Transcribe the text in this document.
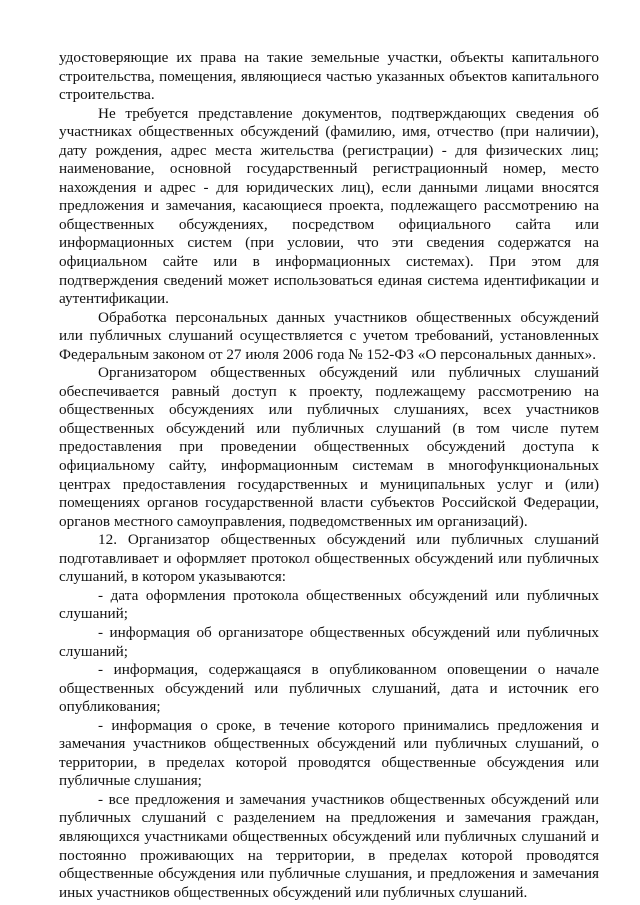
удостоверяющие их права на такие земельные участки, объекты капитального строительства, помещения, являющиеся частью указанных объектов капитального строительства.

Не требуется представление документов, подтверждающих сведения об участниках общественных обсуждений (фамилию, имя, отчество (при наличии), дату рождения, адрес места жительства (регистрации) - для физических лиц; наименование, основной государственный регистрационный номер, место нахождения и адрес - для юридических лиц), если данными лицами вносятся предложения и замечания, касающиеся проекта, подлежащего рассмотрению на общественных обсуждениях, посредством официального сайта или информационных систем (при условии, что эти сведения содержатся на официальном сайте или в информационных системах). При этом для подтверждения сведений может использоваться единая система идентификации и аутентификации.

Обработка персональных данных участников общественных обсуждений или публичных слушаний осуществляется с учетом требований, установленных Федеральным законом от 27 июля 2006 года № 152-ФЗ «О персональных данных».

Организатором общественных обсуждений или публичных слушаний обеспечивается равный доступ к проекту, подлежащему рассмотрению на общественных обсуждениях или публичных слушаниях, всех участников общественных обсуждений или публичных слушаний (в том числе путем предоставления при проведении общественных обсуждений доступа к официальному сайту, информационным системам в многофункциональных центрах предоставления государственных и муниципальных услуг и (или) помещениях органов государственной власти субъектов Российской Федерации, органов местного самоуправления, подведомственных им организаций).

12. Организатор общественных обсуждений или публичных слушаний подготавливает и оформляет протокол общественных обсуждений или публичных слушаний, в котором указываются:

- дата оформления протокола общественных обсуждений или публичных слушаний;

- информация об организаторе общественных обсуждений или публичных слушаний;

- информация, содержащаяся в опубликованном оповещении о начале общественных обсуждений или публичных слушаний, дата и источник его опубликования;

- информация о сроке, в течение которого принимались предложения и замечания участников общественных обсуждений или публичных слушаний, о территории, в пределах которой проводятся общественные обсуждения или публичные слушания;

- все предложения и замечания участников общественных обсуждений или публичных слушаний с разделением на предложения и замечания граждан, являющихся участниками общественных обсуждений или публичных слушаний и постоянно проживающих на территории, в пределах которой проводятся общественные обсуждения или публичные слушания, и предложения и замечания иных участников общественных обсуждений или публичных слушаний.
